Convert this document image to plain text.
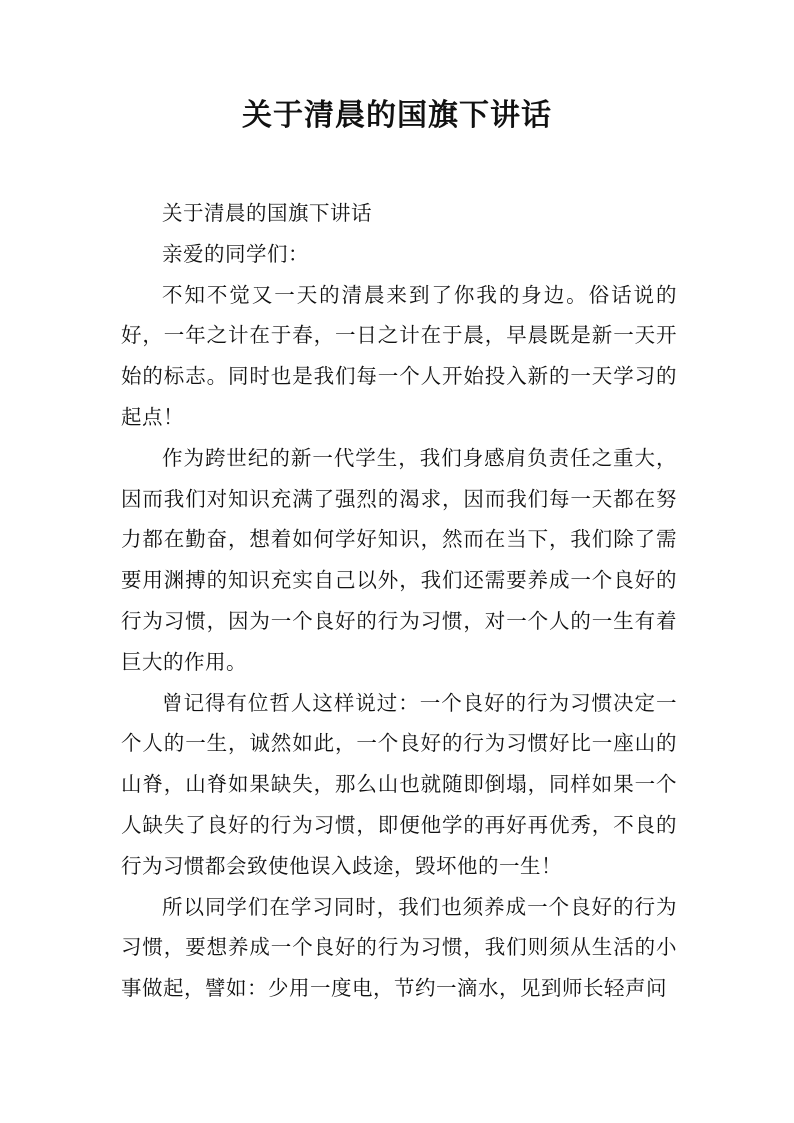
关于清晨的国旗下讲话

关于清晨的国旗下讲话

亲爱的同学们：

不知不觉又一天的清晨来到了你我的身边。俗话说的好，一年之计在于春，一日之计在于晨，早晨既是新一天开始的标志。同时也是我们每一个人开始投入新的一天学习的起点！

作为跨世纪的新一代学生，我们身感肩负责任之重大，因而我们对知识充满了强烈的渴求，因而我们每一天都在努力都在勤奋，想着如何学好知识，然而在当下，我们除了需要用渊搏的知识充实自己以外，我们还需要养成一个良好的行为习惯，因为一个良好的行为习惯，对一个人的一生有着巨大的作用。

曾记得有位哲人这样说过：一个良好的行为习惯决定一个人的一生，诚然如此，一个良好的行为习惯好比一座山的山脊，山脊如果缺失，那么山也就随即倒塌，同样如果一个人缺失了良好的行为习惯，即便他学的再好再优秀，不良的行为习惯都会致使他误入歧途，毁坏他的一生！

所以同学们在学习同时，我们也须养成一个良好的行为习惯，要想养成一个良好的行为习惯，我们则须从生活的小事做起，譬如：少用一度电，节约一滴水，见到师长轻声问
